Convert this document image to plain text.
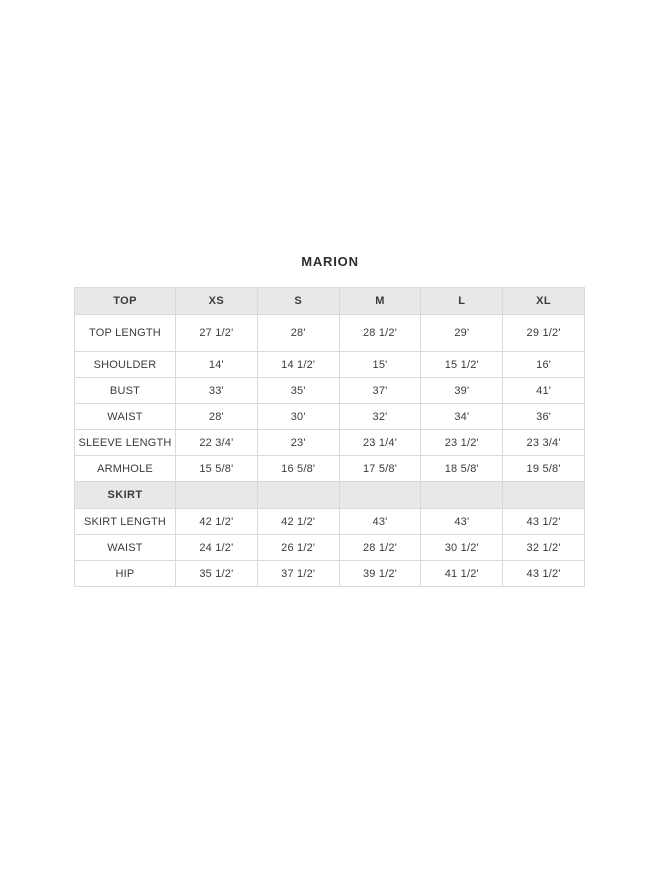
MARION
TOP	XS	S	M	L	XL
TOP LENGTH	27 1/2'	28'	28 1/2'	29'	29 1/2'
SHOULDER	14'	14 1/2'	15'	15 1/2'	16'
BUST	33'	35'	37'	39'	41'
WAIST	28'	30'	32'	34'	36'
SLEEVE LENGTH	22 3/4'	23'	23 1/4'	23 1/2'	23 3/4'
ARMHOLE	15 5/8'	16 5/8'	17 5/8'	18 5/8'	19 5/8'
SKIRT					
SKIRT LENGTH	42 1/2'	42 1/2'	43'	43'	43 1/2'
WAIST	24 1/2'	26 1/2'	28 1/2'	30 1/2'	32 1/2'
HIP	35 1/2'	37 1/2'	39 1/2'	41 1/2'	43 1/2'
